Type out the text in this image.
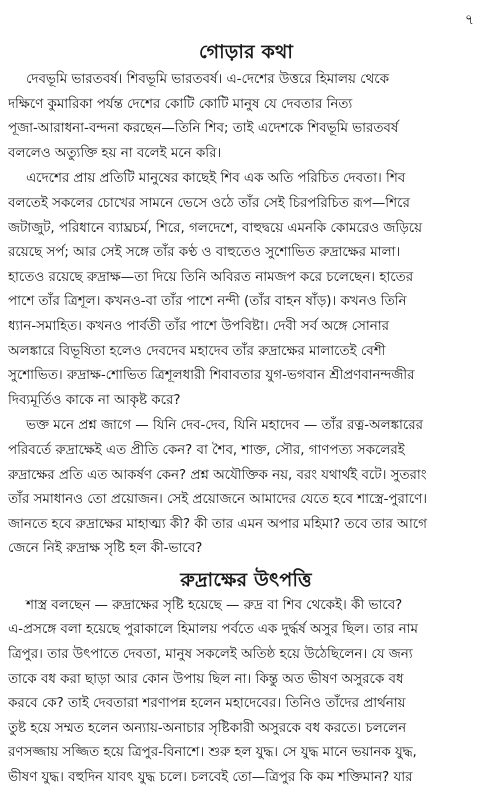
৭
গোড়ার কথা

দেবভূমি ভারতবর্ষ। শিবভূমি ভারতবর্ষ। এ-দেশের উত্তরে হিমালয় থেকে
দক্ষিণে কুমারিকা পর্যন্ত দেশের কোটি কোটি মানুষ যে দেবতার নিত্য
পূজা-আরাধনা-বন্দনা করছেন—তিনি শিব; তাই এদেশকে শিবভূমি ভারতবর্ষ
বললেও অত্যুক্তি হয় না বলেই মনে করি।

এদেশের প্রায় প্রতিটি মানুষের কাছেই শিব এক অতি পরিচিত দেবতা। শিব
বলতেই সকলের চোখের সামনে ভেসে ওঠে তাঁর সেই চিরপরিচিত রূপ—শিরে
জটাজুট, পরিধানে ব্যাঘ্রচর্ম, শিরে, গলদেশে, বাহুদ্বয়ে এমনকি কোমরেও জড়িয়ে
রয়েছে সর্প; আর সেই সঙ্গে তাঁর কণ্ঠ ও বাহুতেও সুশোভিত রুদ্রাক্ষের মালা।
হাতেও রয়েছে রুদ্রাক্ষ—তা দিয়ে তিনি অবিরত নামজপ করে চলেছেন। হাতের
পাশে তাঁর ত্রিশূল। কখনও-বা তাঁর পাশে নন্দী (তাঁর বাহন ষাঁড়)। কখনও তিনি
ধ্যান-সমাহিত। কখনও পার্বতী তাঁর পাশে উপবিষ্টা। দেবী সর্ব অঙ্গে সোনার
অলঙ্কারে বিভূষিতা হলেও দেবদেব মহাদেব তাঁর রুদ্রাক্ষের মালাতেই বেশী
সুশোভিত। রুদ্রাক্ষ-শোভিত ত্রিশূলধারী শিবাবতার যুগ-ভগবান শ্রীপ্রণবানন্দজীর
দিব্যমূর্তিও কাকে না আকৃষ্ট করে?

ভক্ত মনে প্রশ্ন জাগে — যিনি দেব-দেব, যিনি মহাদেব — তাঁর রত্ন-অলঙ্কারের
পরিবর্তে রুদ্রাক্ষেই এত প্রীতি কেন? বা শৈব, শাক্ত, সৌর, গাণপত্য সকলেরই
রুদ্রাক্ষের প্রতি এত আকর্ষণ কেন? প্রশ্ন অযৌক্তিক নয়, বরং যথার্থই বটে। সুতরাং
তাঁর সমাধানও তো প্রয়োজন। সেই প্রয়োজনে আমাদের যেতে হবে শাস্ত্রে-পুরাণে।
জানতে হবে রুদ্রাক্ষের মাহাত্ম্য কী? কী তার এমন অপার মহিমা? তবে তার আগে
জেনে নিই রুদ্রাক্ষ সৃষ্টি হল কী-ভাবে?

রুদ্রাক্ষের উৎপত্তি

শাস্ত্র বলছেন — রুদ্রাক্ষের সৃষ্টি হয়েছে — রুদ্র বা শিব থেকেই। কী ভাবে?
এ-প্রসঙ্গে বলা হয়েছে পুরাকালে হিমালয় পর্বতে এক দুর্দ্ধর্ষ অসুর ছিল। তার নাম
ত্রিপুর। তার উৎপাতে দেবতা, মানুষ সকলেই অতিষ্ঠ হয়ে উঠেছিলেন। যে জন্য
তাকে বধ করা ছাড়া আর কোন উপায় ছিল না। কিন্তু অত ভীষণ অসুরকে বধ
করবে কে? তাই দেবতারা শরণাপন্ন হলেন মহাদেবের। তিনিও তাঁদের প্রার্থনায়
তুষ্ট হয়ে সম্মত হলেন অন্যায়-অনাচার সৃষ্টিকারী অসুরকে বধ করতে। চললেন
রণসজ্জায় সজ্জিত হয়ে ত্রিপুর-বিনাশে। শুরু হল যুদ্ধ। সে যুদ্ধ মানে ভয়ানক যুদ্ধ,
ভীষণ যুদ্ধ। বহুদিন যাবৎ যুদ্ধ চলে। চলবেই তো—ত্রিপুর কি কম শক্তিমান? যার
